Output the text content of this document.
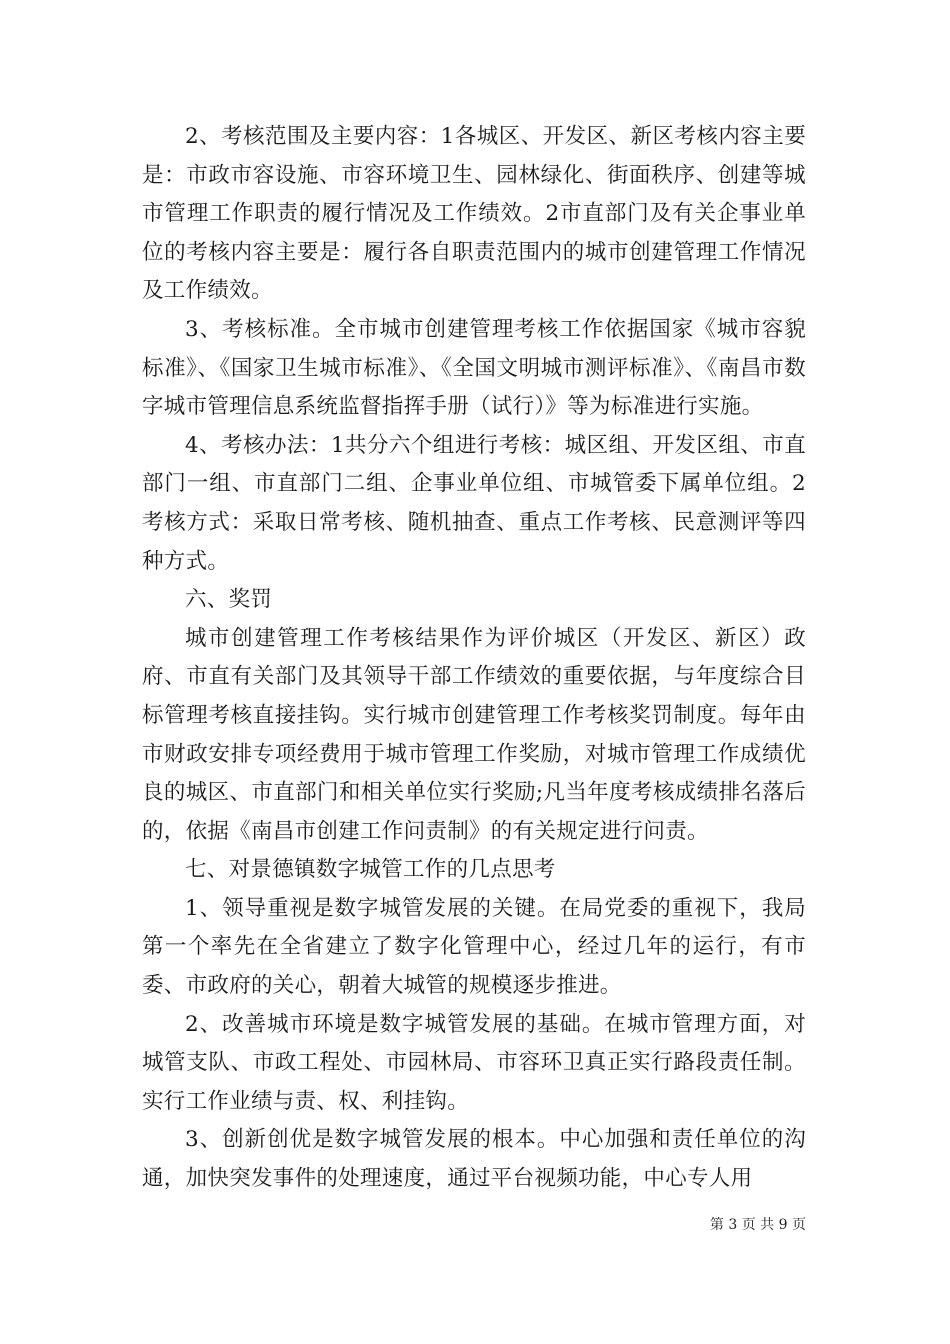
2、考核范围及主要内容：1各城区、开发区、新区考核内容主要是：市政市容设施、市容环境卫生、园林绿化、街面秩序、创建等城市管理工作职责的履行情况及工作绩效。2市直部门及有关企事业单位的考核内容主要是：履行各自职责范围内的城市创建管理工作情况及工作绩效。

3、考核标准。全市城市创建管理考核工作依据国家《城市容貌标准》、《国家卫生城市标准》、《全国文明城市测评标准》、《南昌市数字城市管理信息系统监督指挥手册（试行）》等为标准进行实施。

4、考核办法：1共分六个组进行考核：城区组、开发区组、市直部门一组、市直部门二组、企事业单位组、市城管委下属单位组。2考核方式：采取日常考核、随机抽查、重点工作考核、民意测评等四种方式。

六、奖罚

城市创建管理工作考核结果作为评价城区（开发区、新区）政府、市直有关部门及其领导干部工作绩效的重要依据，与年度综合目标管理考核直接挂钩。实行城市创建管理工作考核奖罚制度。每年由市财政安排专项经费用于城市管理工作奖励，对城市管理工作成绩优良的城区、市直部门和相关单位实行奖励;凡当年度考核成绩排名落后的，依据《南昌市创建工作问责制》的有关规定进行问责。

七、对景德镇数字城管工作的几点思考

1、领导重视是数字城管发展的关键。在局党委的重视下，我局第一个率先在全省建立了数字化管理中心，经过几年的运行，有市委、市政府的关心，朝着大城管的规模逐步推进。

2、改善城市环境是数字城管发展的基础。在城市管理方面，对城管支队、市政工程处、市园林局、市容环卫真正实行路段责任制。实行工作业绩与责、权、利挂钩。

3、创新创优是数字城管发展的根本。中心加强和责任单位的沟通，加快突发事件的处理速度，通过平台视频功能，中心专人用

第 3 页 共 9 页
